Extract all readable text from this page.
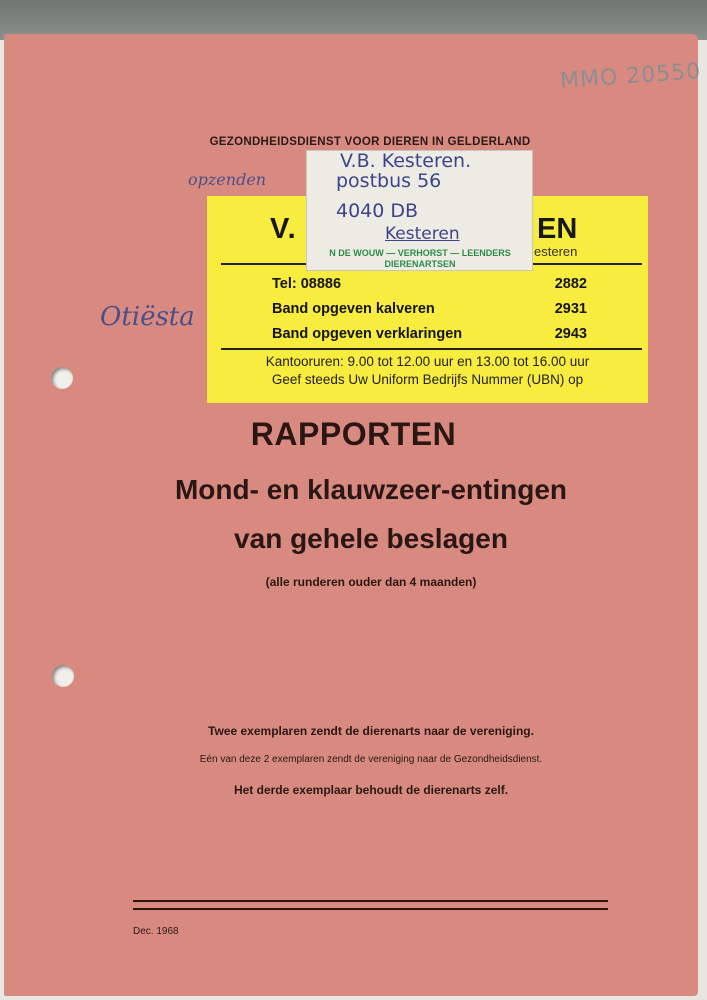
MMO 20550
GEZONDHEIDSDIENST VOOR DIEREN IN GELDERLAND
opzenden
Otiësta
V.	EN
esteren
Tel: 08886	2882
Band opgeven kalveren	2931
Band opgeven verklaringen	2943
Kantooruren: 9.00 tot 12.00 uur en 13.00 tot 16.00 uur
Geef steeds Uw Uniform Bedrijfs Nummer (UBN) op
V.B. Kesteren.
postbus 56
4040 DB
Kesteren
N DE WOUW — VERHORST — LEENDERS
DIERENARTSEN
RAPPORTEN
Mond- en klauwzeer-entingen
van gehele beslagen
(alle runderen ouder dan 4 maanden)
Twee exemplaren zendt de dierenarts naar de vereniging.
Eén van deze 2 exemplaren zendt de vereniging naar de Gezondheidsdienst.
Het derde exemplaar behoudt de dierenarts zelf.
Dec. 1968
